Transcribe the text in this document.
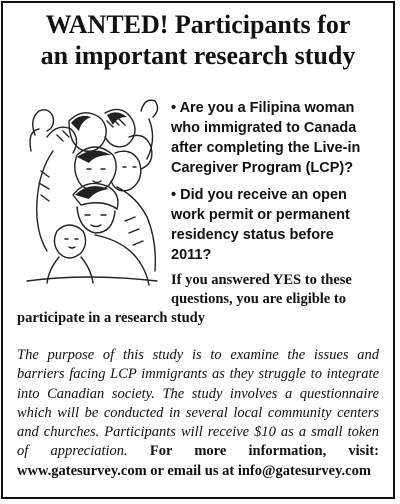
WANTED! Participants for
an important research study
• Are you a Filipina woman who immigrated to Canada after completing the Live-in Caregiver Program (LCP)?
• Did you receive an open work permit or permanent residency status before 2011?
If you answered YES to these
questions, you are eligible to
participate in a research study
The purpose of this study is to examine the issues and barriers facing LCP immigrants as they struggle to integrate into Canadian society. The study involves a questionnaire which will be conducted in several local community centers and churches. Participants will receive $10 as a small token of appreciation. For more information, visit: www.gatesurvey.com or email us at info@gatesurvey.com
